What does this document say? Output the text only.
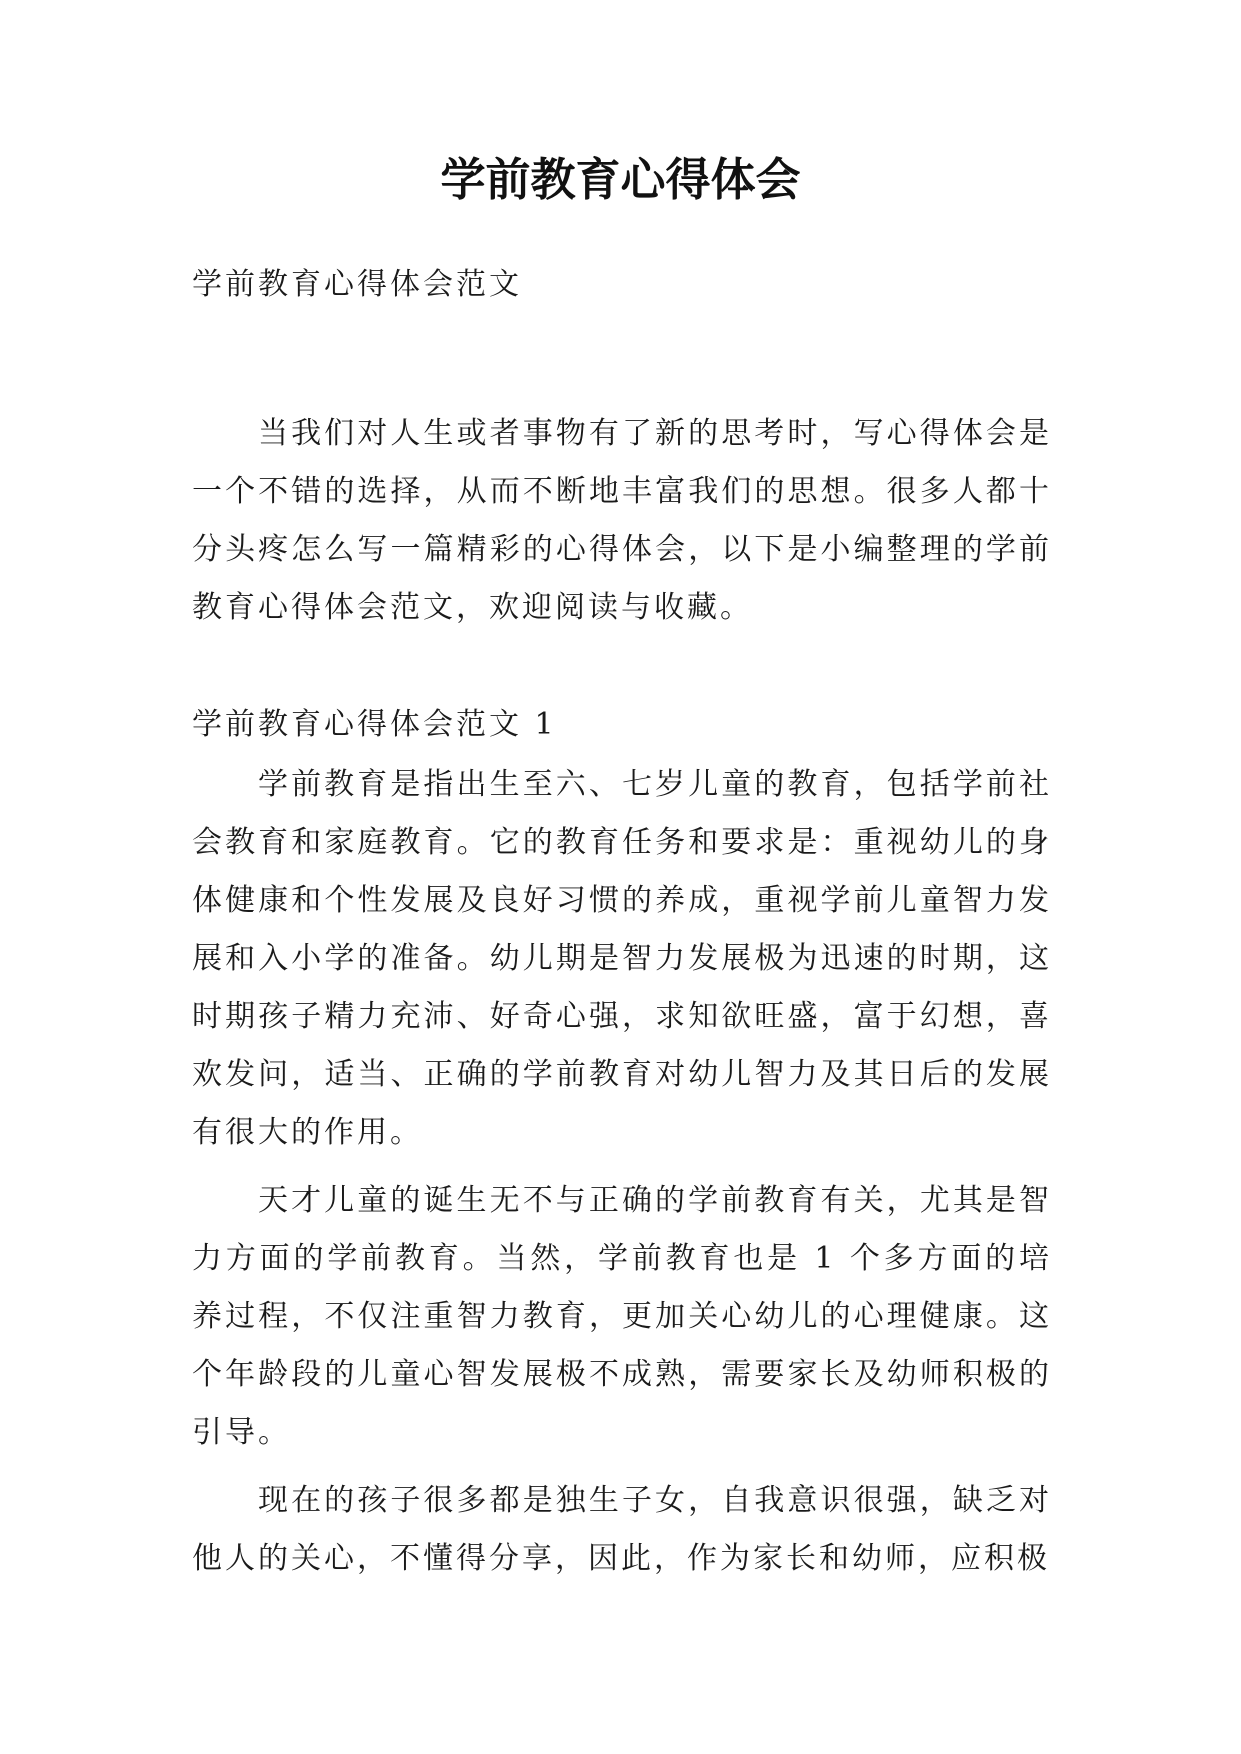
学前教育心得体会

学前教育心得体会范文

当我们对人生或者事物有了新的思考时，写心得体会是一个不错的选择，从而不断地丰富我们的思想。很多人都十分头疼怎么写一篇精彩的心得体会，以下是小编整理的学前教育心得体会范文，欢迎阅读与收藏。

学前教育心得体会范文 1

学前教育是指出生至六、七岁儿童的教育，包括学前社会教育和家庭教育。它的教育任务和要求是：重视幼儿的身体健康和个性发展及良好习惯的养成，重视学前儿童智力发展和入小学的准备。幼儿期是智力发展极为迅速的时期，这时期孩子精力充沛、好奇心强，求知欲旺盛，富于幻想，喜欢发问，适当、正确的学前教育对幼儿智力及其日后的发展有很大的作用。

天才儿童的诞生无不与正确的学前教育有关，尤其是智力方面的学前教育。当然，学前教育也是 1 个多方面的培养过程，不仅注重智力教育，更加关心幼儿的心理健康。这个年龄段的儿童心智发展极不成熟，需要家长及幼师积极的引导。

现在的孩子很多都是独生子女，自我意识很强，缺乏对他人的关心，不懂得分享，因此，作为家长和幼师，应积极
